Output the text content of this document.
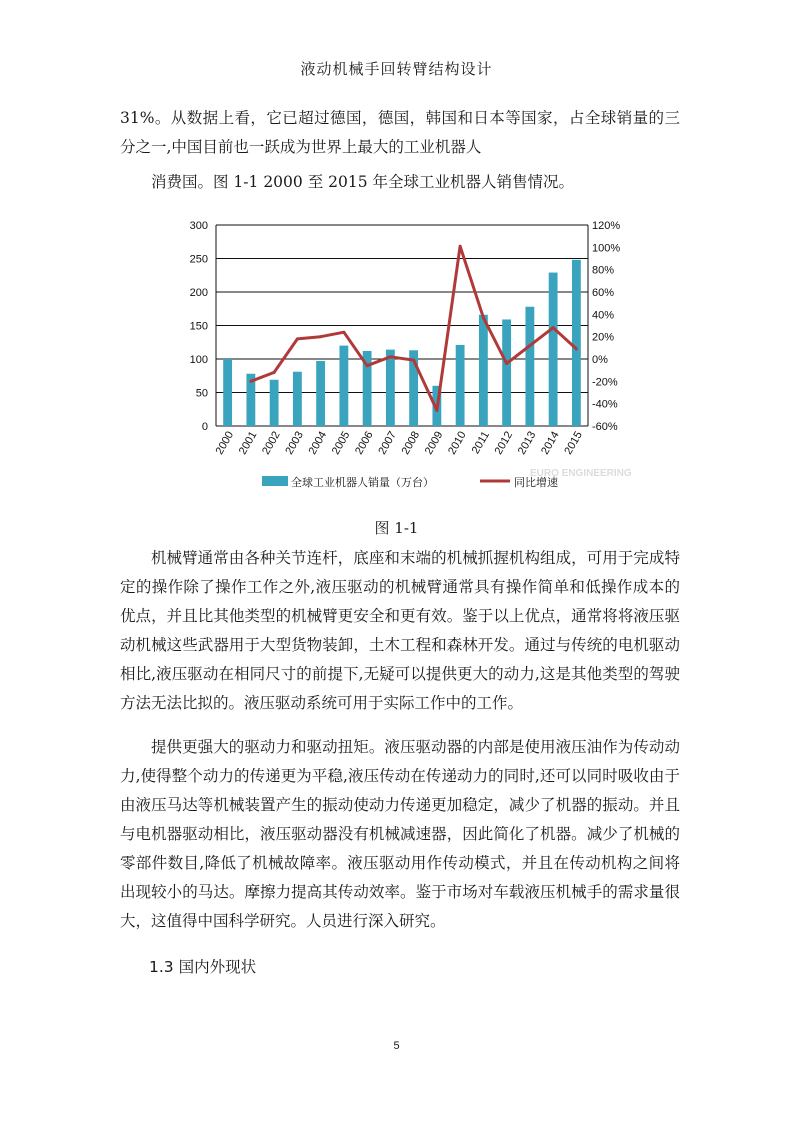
液动机械手回转臂结构设计

31%。从数据上看，它已超过德国，德国，韩国和日本等国家，占全球销量的三分之一,中国目前也一跃成为世界上最大的工业机器人

消费国。图 1-1 2000 至 2015 年全球工业机器人销售情况。

0
50
100
150
200
250
300
-60%
-40%
-20%
0%
20%
40%
60%
80%
100%
120%
2000 2001 2002 2003 2004 2005 2006 2007 2008 2009 2010 2011 2012 2013 2014 2015
全球工业机器人销量（万台）	同比增速
EURO ENGINEERING
图 1-1

机械臂通常由各种关节连杆，底座和末端的机械抓握机构组成，可用于完成特定的操作除了操作工作之外,液压驱动的机械臂通常具有操作简单和低操作成本的优点，并且比其他类型的机械臂更安全和更有效。鉴于以上优点，通常将将液压驱动机械这些武器用于大型货物装卸，土木工程和森林开发。通过与传统的电机驱动相比,液压驱动在相同尺寸的前提下,无疑可以提供更大的动力,这是其他类型的驾驶方法无法比拟的。液压驱动系统可用于实际工作中的工作。

提供更强大的驱动力和驱动扭矩。液压驱动器的内部是使用液压油作为传动动力,使得整个动力的传递更为平稳,液压传动在传递动力的同时,还可以同时吸收由于由液压马达等机械装置产生的振动使动力传递更加稳定，减少了机器的振动。并且与电机器驱动相比，液压驱动器没有机械减速器，因此简化了机器。减少了机械的零部件数目,降低了机械故障率。液压驱动用作传动模式，并且在传动机构之间将出现较小的马达。摩擦力提高其传动效率。鉴于市场对车载液压机械手的需求量很大，这值得中国科学研究。人员进行深入研究。

1.3 国内外现状
5
